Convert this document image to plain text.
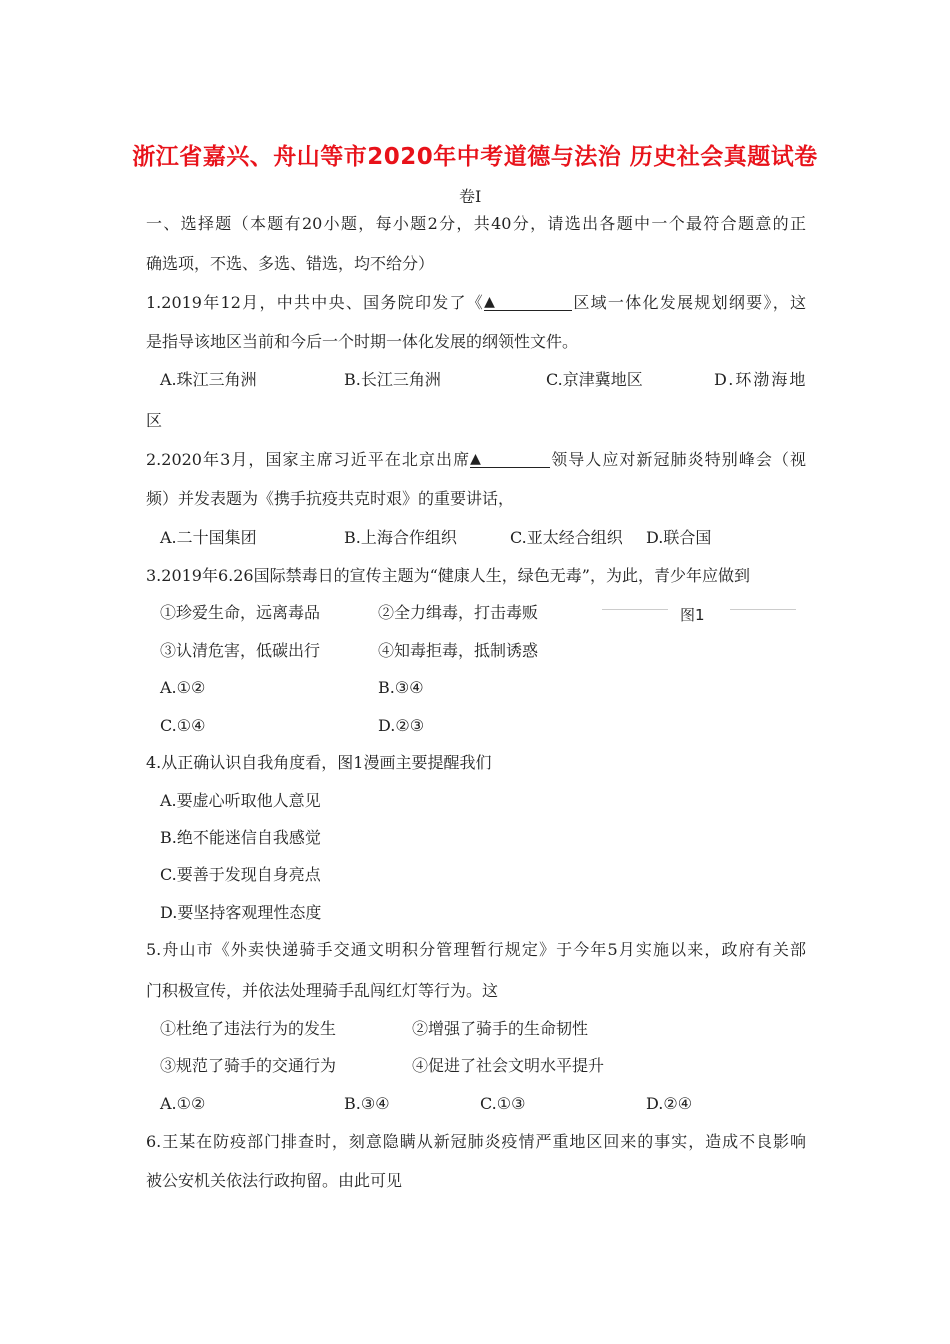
浙江省嘉兴、舟山等市2020年中考道德与法治 历史社会真题试卷
卷I
一、选择题（本题有20小题，每小题2分，共40分，请选出各题中一个最符合题意的正
确选项，不选、多选、错选，均不给分）
1.2019年12月，中共中央、国务院印发了《▲	区域一体化发展规划纲要》，这
是指导该地区当前和今后一个时期一体化发展的纲领性文件。
A.珠江三角洲	B.长江三角洲	C.京津冀地区	D.环渤海地
区
2.2020年3月，国家主席习近平在北京出席▲	领导人应对新冠肺炎特别峰会（视
频）并发表题为《携手抗疫共克时艰》的重要讲话，
A.二十国集团	B.上海合作组织	C.亚太经合组织 D.联合国
3.2019年6.26国际禁毒日的宣传主题为“健康人生，绿色无毒”，为此，青少年应做到
①珍爱生命，远离毒品	②全力缉毒，打击毒贩	图1
③认清危害，低碳出行	④知毒拒毒，抵制诱惑
A.①②	B.③④
C.①④	D.②③
4.从正确认识自我角度看，图1漫画主要提醒我们
A.要虚心听取他人意见
B.绝不能迷信自我感觉
C.要善于发现自身亮点
D.要坚持客观理性态度
5.舟山市《外卖快递骑手交通文明积分管理暂行规定》于今年5月实施以来，政府有关部
门积极宣传，并依法处理骑手乱闯红灯等行为。这
①杜绝了违法行为的发生	②增强了骑手的生命韧性
③规范了骑手的交通行为	④促进了社会文明水平提升
A.①②	B.③④	C.①③	D.②④
6.王某在防疫部门排查时，刻意隐瞒从新冠肺炎疫情严重地区回来的事实，造成不良影响
被公安机关依法行政拘留。由此可见
